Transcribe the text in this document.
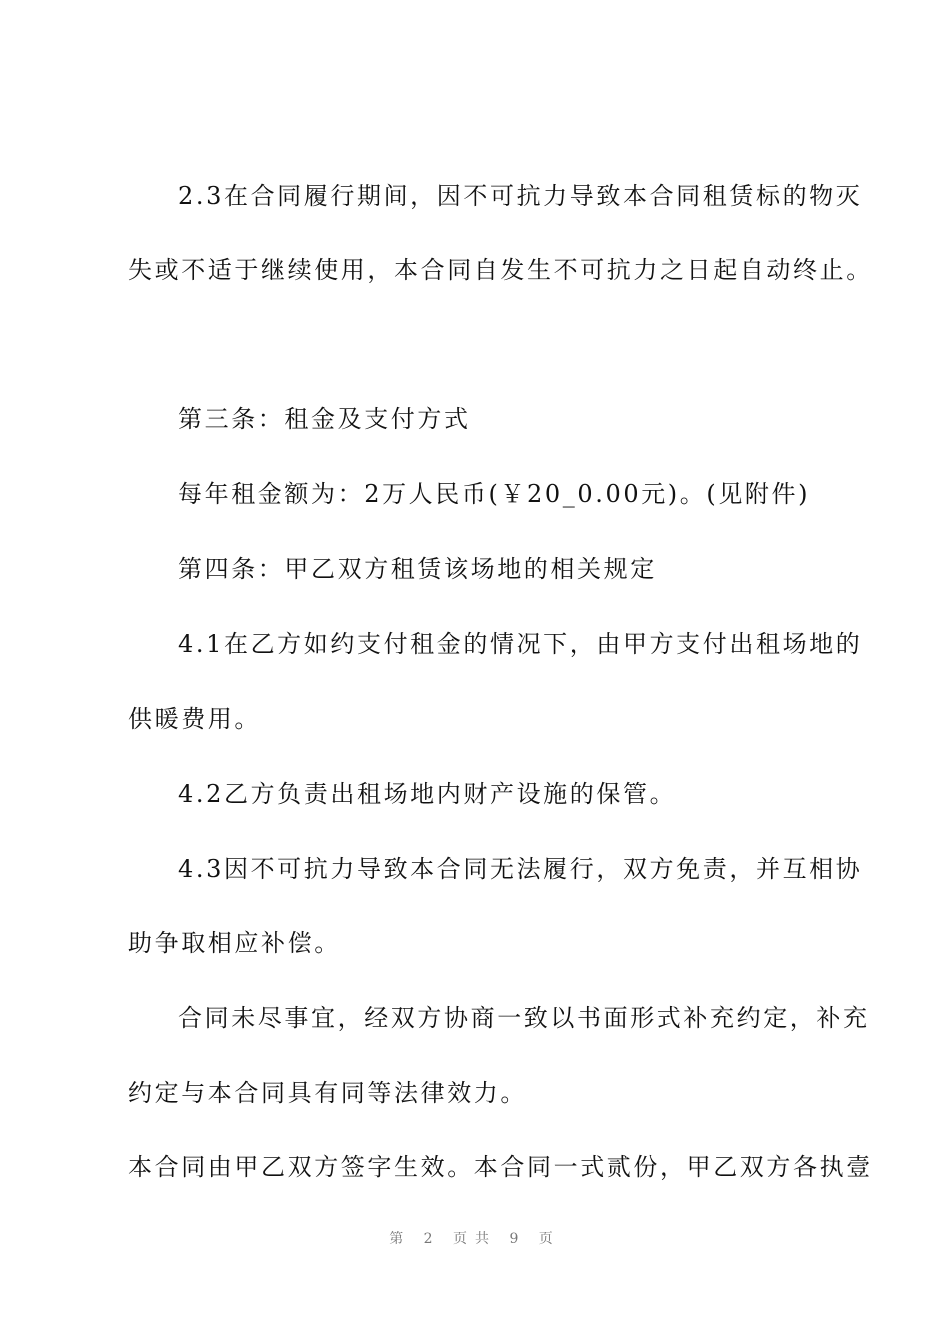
2.3在合同履行期间，因不可抗力导致本合同租赁标的物灭
失或不适于继续使用，本合同自发生不可抗力之日起自动终止。
第三条：租金及支付方式
每年租金额为：2万人民币(￥20_0.00元)。(见附件)
第四条：甲乙双方租赁该场地的相关规定
4.1在乙方如约支付租金的情况下，由甲方支付出租场地的
供暖费用。
4.2乙方负责出租场地内财产设施的保管。
4.3因不可抗力导致本合同无法履行，双方免责，并互相协
助争取相应补偿。
合同未尽事宜，经双方协商一致以书面形式补充约定，补充
约定与本合同具有同等法律效力。
本合同由甲乙双方签字生效。本合同一式贰份，甲乙双方各执壹
第 2 页共 9 页
